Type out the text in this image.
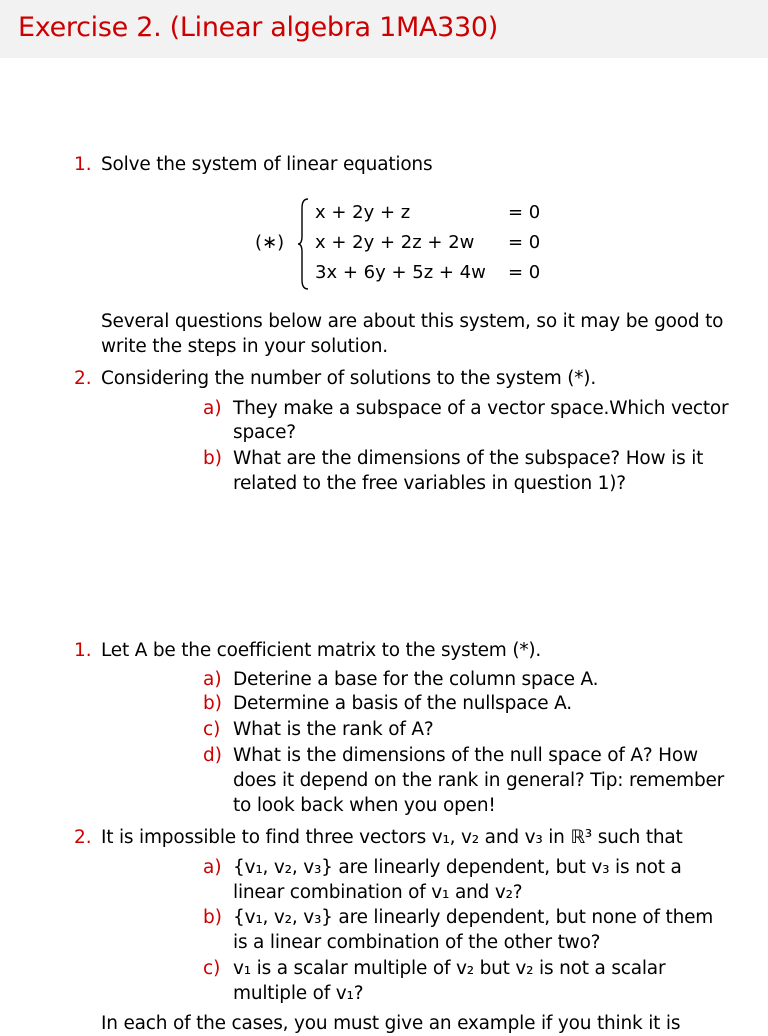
Exercise 2. (Linear algebra 1MA330)
1. Solve the system of linear equations
(∗)
x + 2y + z	= 0
x + 2y + 2z + 2w = 0
3x + 6y + 5z + 4w = 0
Several questions below are about this system, so it may be good to
write the steps in your solution.
2. Considering the number of solutions to the system (*).
a) They make a subspace of a vector space.Which vector
space?
b) What are the dimensions of the subspace? How is it
related to the free variables in question 1)?
1. Let A be the coefficient matrix to the system (*).
a) Deterine a base for the column space A.
b) Determine a basis of the nullspace A.
c) What is the rank of A?
d) What is the dimensions of the null space of A? How
does it depend on the rank in general? Tip: remember
to look back when you open!
2. It is impossible to find three vectors v₁, v₂ and v₃ in ℝ³ such that
a) {v₁, v₂, v₃} are linearly dependent, but v₃ is not a
linear combination of v₁ and v₂?
b) {v₁, v₂, v₃} are linearly dependent, but none of them
is a linear combination of the other two?
c) v₁ is a scalar multiple of v₂ but v₂ is not a scalar
multiple of v₁?
In each of the cases, you must give an example if you think it is
